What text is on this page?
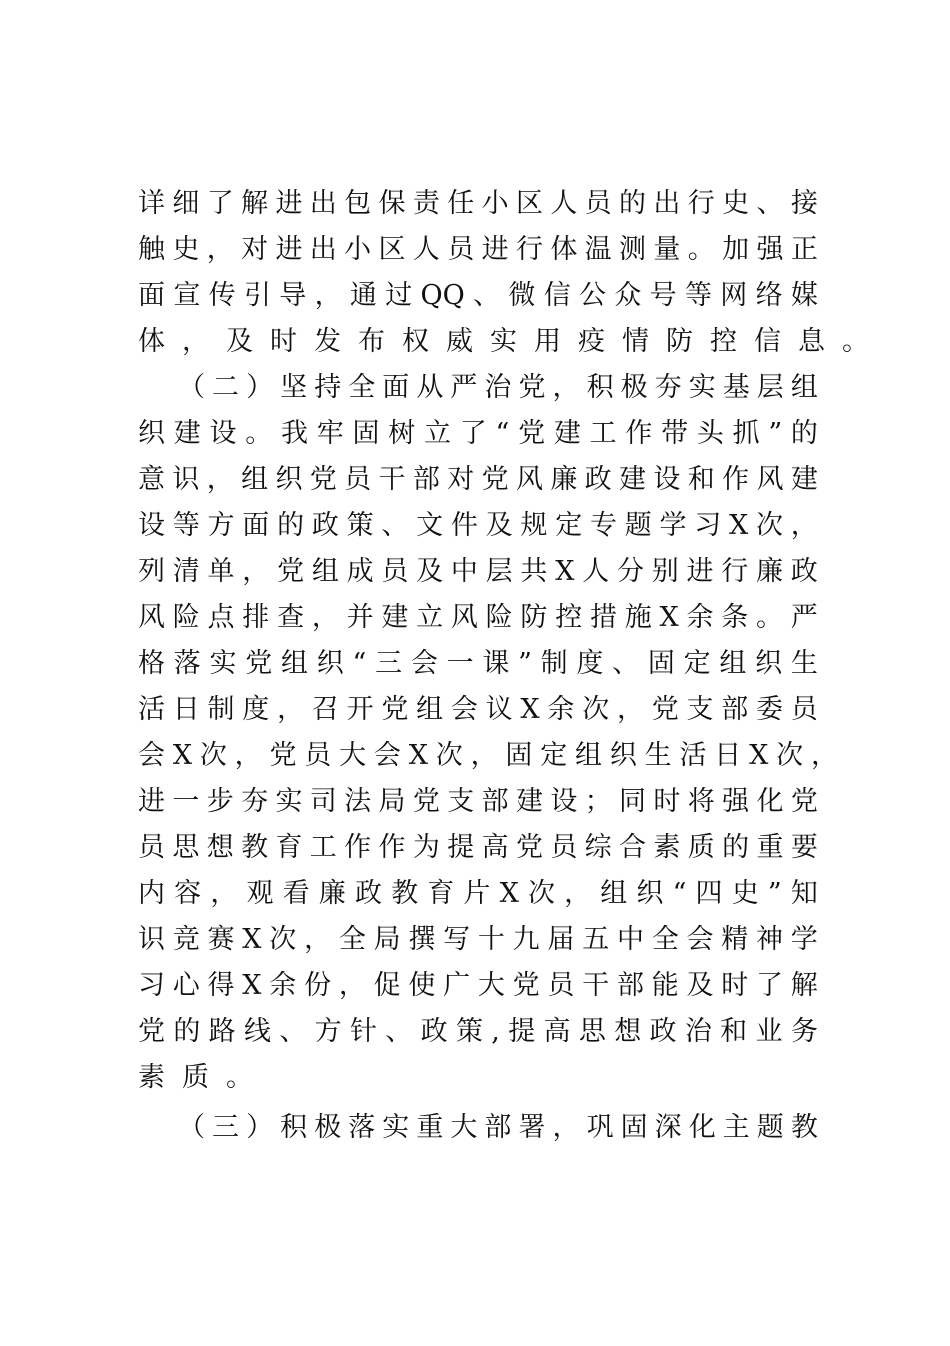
详 细 了 解 进 出 包 保 责 任 小 区 人 员 的 出 行 史 、 接
触 史 ， 对 进 出 小 区 人 员 进 行 体 温 测 量 。 加 强 正
面 宣 传 引 导 ， 通 过 QQ 、 微 信 公 众 号 等 网 络 媒
体 ， 及 时 发 布 权 威 实 用 疫 情 防 控 信 息 。
（ 二 ） 坚 持 全 面 从 严 治 党 ， 积 极 夯 实 基 层 组
织 建 设 。 我 牢 固 树 立 了 “ 党 建 工 作 带 头 抓 ” 的
意 识 ， 组 织 党 员 干 部 对 党 风 廉 政 建 设 和 作 风 建
设 等 方 面 的 政 策 、 文 件 及 规 定 专 题 学 习 X 次 ，
列 清 单 ， 党 组 成 员 及 中 层 共 X 人 分 别 进 行 廉 政
风 险 点 排 查 ， 并 建 立 风 险 防 控 措 施 X 余 条 。 严
格 落 实 党 组 织 “ 三 会 一 课 ” 制 度 、 固 定 组 织 生
活 日 制 度 ， 召 开 党 组 会 议 X 余 次 ， 党 支 部 委 员
会 X 次 ， 党 员 大 会 X 次 ， 固 定 组 织 生 活 日 X 次 ，
进 一 步 夯 实 司 法 局 党 支 部 建 设 ； 同 时 将 强 化 党
员 思 想 教 育 工 作 作 为 提 高 党 员 综 合 素 质 的 重 要
内 容 ， 观 看 廉 政 教 育 片 X 次 ， 组 织 “ 四 史 ” 知
识 竞 赛 X 次 ， 全 局 撰 写 十 九 届 五 中 全 会 精 神 学
习 心 得 X 余 份 ， 促 使 广 大 党 员 干 部 能 及 时 了 解
党 的 路 线 、 方 针 、 政 策 , 提 高 思 想 政 治 和 业 务
素 质 。
（ 三 ） 积 极 落 实 重 大 部 署 ， 巩 固 深 化 主 题 教
